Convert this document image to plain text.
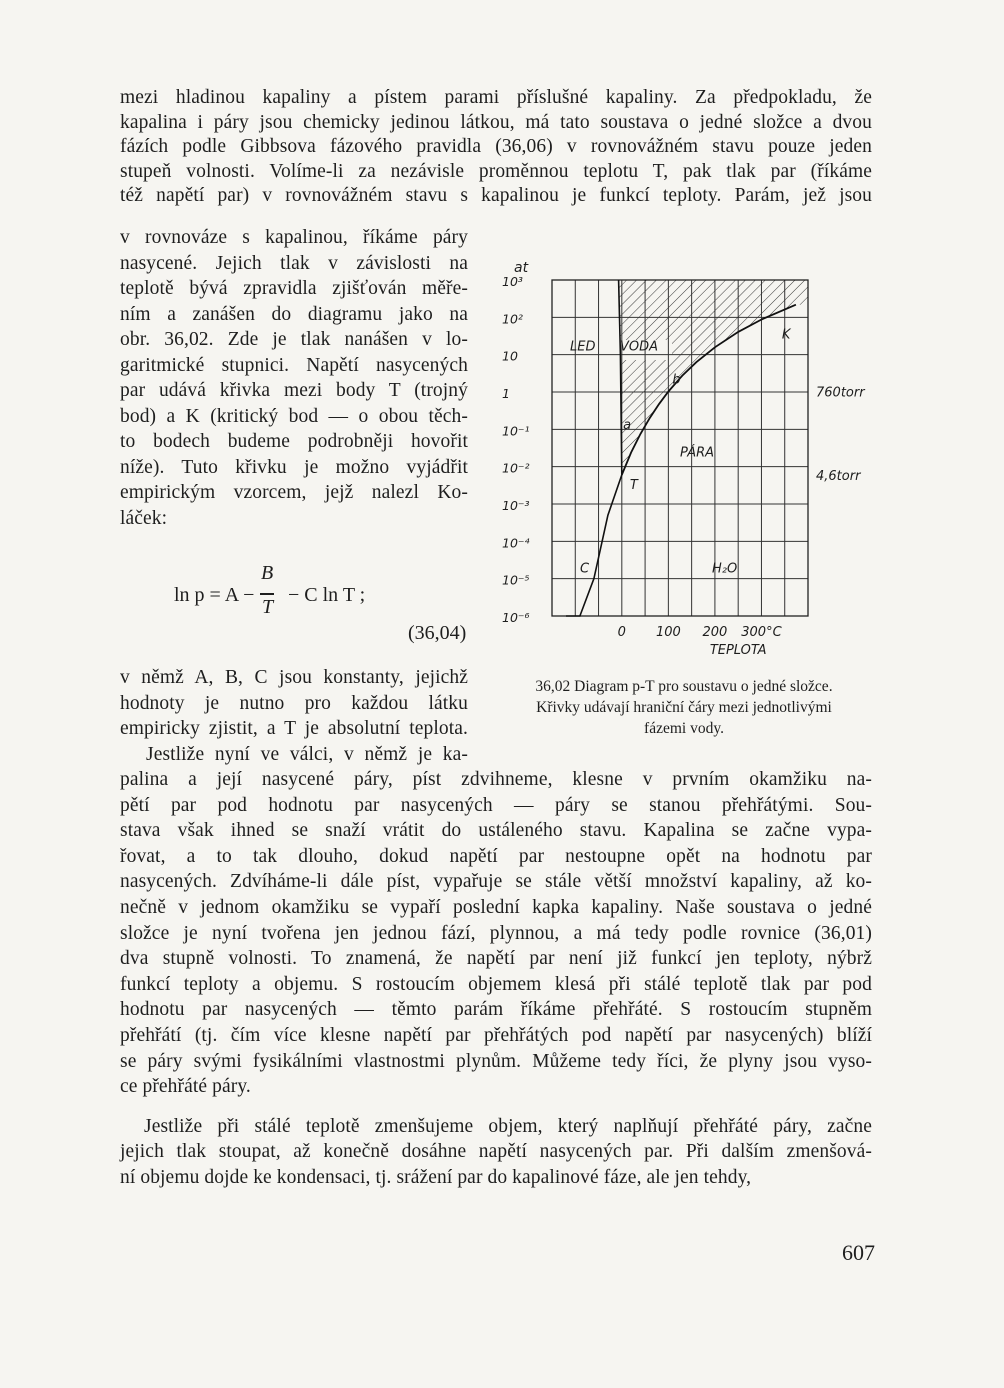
mezi hladinou kapaliny a pístem parami příslušné kapaliny. Za předpokladu, že

kapalina i páry jsou chemicky jedinou látkou, má tato soustava o jedné složce a dvou

fázích podle Gibbsova fázového pravidla (36,06) v rovnovážném stavu pouze jeden

stupeň volnosti. Volíme-li za nezávisle proměnnou teplotu T, pak tlak par (říkáme

též napětí par) v rovnovážném stavu s kapalinou je funkcí teploty. Parám, jež jsou

v rovnováze s kapalinou, říkáme páry

nasycené. Jejich tlak v závislosti na

teplotě bývá zpravidla zjišťován měře-

ním a zanášen do diagramu jako na

obr. 36,02. Zde je tlak nanášen v lo-

garitmické stupnici. Napětí nasycených

par udává křivka mezi body T (trojný

bod) a K (kritický bod — o obou těch-

to bodech budeme podrobněji hovořit

níže). Tuto křivku je možno vyjádřit

empirickým vzorcem, jejž nalezl Ko-

láček:

ln p = A −
B
T
− C ln T ;
(36,04)

v němž A, B, C jsou konstanty, jejichž

hodnoty je nutno pro každou látku

empiricky zjistit, a T je absolutní teplota.

Jestliže nyní ve válci, v němž je ka-

palina a její nasycené páry, píst zdvihneme, klesne v prvním okamžiku na-

pětí par pod hodnotu par nasycených — páry se stanou přehřátými. Sou-

stava však ihned se snaží vrátit do ustáleného stavu. Kapalina se začne vypa-

řovat, a to tak dlouho, dokud napětí par nestoupne opět na hodnotu par

nasycených. Zdvíháme-li dále píst, vypařuje se stále větší množství kapaliny, až ko-

nečně v jednom okamžiku se vypaří poslední kapka kapaliny. Naše soustava o jedné

složce je nyní tvořena jen jednou fází, plynnou, a má tedy podle rovnice (36,01)

dva stupně volnosti. To znamená, že napětí par není již funkcí jen teploty, nýbrž

funkcí teploty a objemu. S rostoucím objemem klesá při stálé teplotě tlak par pod

hodnotu par nasycených — těmto parám říkáme přehřáté. S rostoucím stupněm

přehřátí (tj. čím více klesne napětí par přehřátých pod napětí par nasycených) blíží

se páry svými fysikálními vlastnostmi plynům. Můžeme tedy říci, že plyny jsou vyso-

ce přehřáté páry.

Jestliže při stálé teplotě zmenšujeme objem, který naplňují přehřáté páry, začne

jejich tlak stoupat, až konečně dosáhne napětí nasycených par. Při dalším zmenšová-

ní objemu dojde ke kondensaci, tj. srážení par do kapalinové fáze, ale jen tehdy,

10³
10²
10
1
10⁻¹
10⁻²
10⁻³
10⁻⁴
10⁻⁵
10⁻⁶
0 100 200 300°C
TEPLOTA
at
LED VODA
PÁRA
H₂O
C
a
b
T
K
760torr
4,6torr

36,02 Diagram p-T pro soustavu o jedné složce.

Křivky udávají hraniční čáry mezi jednotlivými

fázemi vody.

607
